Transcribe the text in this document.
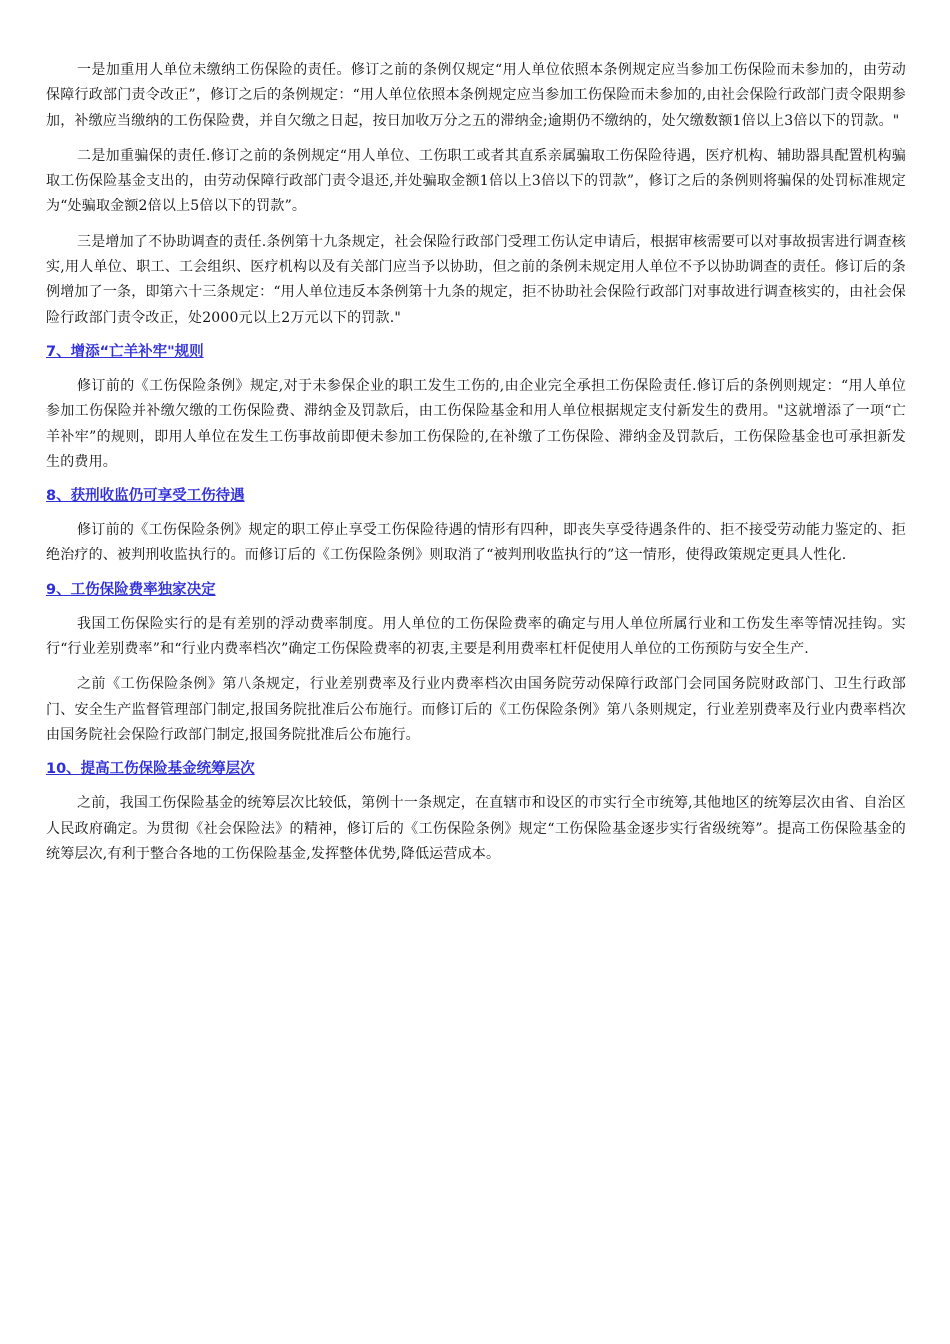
一是加重用人单位未缴纳工伤保险的责任。修订之前的条例仅规定“用人单位依照本条例规定应当参加工伤保险而未参加的，由劳动保障行政部门责令改正”，修订之后的条例规定：“用人单位依照本条例规定应当参加工伤保险而未参加的,由社会保险行政部门责令限期参加，补缴应当缴纳的工伤保险费，并自欠缴之日起，按日加收万分之五的滞纳金;逾期仍不缴纳的，处欠缴数额1倍以上3倍以下的罚款。"

二是加重骗保的责任.修订之前的条例规定“用人单位、工伤职工或者其直系亲属骗取工伤保险待遇，医疗机构、辅助器具配置机构骗取工伤保险基金支出的，由劳动保障行政部门责令退还,并处骗取金额1倍以上3倍以下的罚款”，修订之后的条例则将骗保的处罚标准规定为“处骗取金额2倍以上5倍以下的罚款”。

三是增加了不协助调查的责任.条例第十九条规定，社会保险行政部门受理工伤认定申请后，根据审核需要可以对事故损害进行调查核实,用人单位、职工、工会组织、医疗机构以及有关部门应当予以协助，但之前的条例未规定用人单位不予以协助调查的责任。修订后的条例增加了一条，即第六十三条规定：“用人单位违反本条例第十九条的规定，拒不协助社会保险行政部门对事故进行调查核实的，由社会保险行政部门责令改正，处2000元以上2万元以下的罚款."

7、增添“亡羊补牢"规则

修订前的《工伤保险条例》规定,对于未参保企业的职工发生工伤的,由企业完全承担工伤保险责任.修订后的条例则规定：“用人单位参加工伤保险并补缴欠缴的工伤保险费、滞纳金及罚款后，由工伤保险基金和用人单位根据规定支付新发生的费用。"这就增添了一项“亡羊补牢”的规则，即用人单位在发生工伤事故前即便未参加工伤保险的,在补缴了工伤保险、滞纳金及罚款后，工伤保险基金也可承担新发生的费用。

8、获刑收监仍可享受工伤待遇

修订前的《工伤保险条例》规定的职工停止享受工伤保险待遇的情形有四种，即丧失享受待遇条件的、拒不接受劳动能力鉴定的、拒绝治疗的、被判刑收监执行的。而修订后的《工伤保险条例》则取消了“被判刑收监执行的”这一情形，使得政策规定更具人性化.

9、工伤保险费率独家决定

我国工伤保险实行的是有差别的浮动费率制度。用人单位的工伤保险费率的确定与用人单位所属行业和工伤发生率等情况挂钩。实行“行业差别费率”和“行业内费率档次”确定工伤保险费率的初衷,主要是利用费率杠杆促使用人单位的工伤预防与安全生产.

之前《工伤保险条例》第八条规定，行业差别费率及行业内费率档次由国务院劳动保障行政部门会同国务院财政部门、卫生行政部门、安全生产监督管理部门制定,报国务院批准后公布施行。而修订后的《工伤保险条例》第八条则规定，行业差别费率及行业内费率档次由国务院社会保险行政部门制定,报国务院批准后公布施行。

10、提高工伤保险基金统筹层次

之前，我国工伤保险基金的统筹层次比较低，第例十一条规定，在直辖市和设区的市实行全市统筹,其他地区的统筹层次由省、自治区人民政府确定。为贯彻《社会保险法》的精神，修订后的《工伤保险条例》规定“工伤保险基金逐步实行省级统筹”。提高工伤保险基金的统筹层次,有利于整合各地的工伤保险基金,发挥整体优势,降低运营成本。
